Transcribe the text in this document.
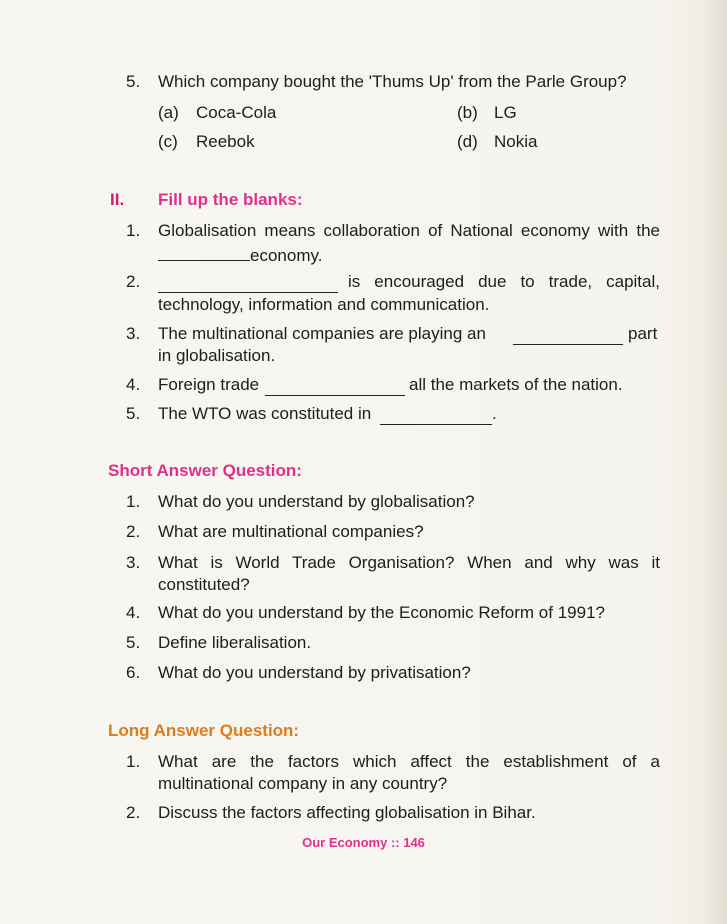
5. Which company bought the 'Thums Up' from the Parle Group?
(a) Coca-Cola	(b) LG
(c) Reebok	(d) Nokia
II. Fill up the blanks:
1. Globalisation means collaboration of National economy with the
economy.
2.	is encouraged due to trade, capital,
technology, information and communication.
3. The multinational companies are playing an	part
in globalisation.
4. Foreign trade	all the markets of the nation.
5. The WTO was constituted in	.
Short Answer Question:
1. What do you understand by globalisation?
2. What are multinational companies?
3. What is World Trade Organisation? When and why was it
constituted?
4. What do you understand by the Economic Reform of 1991?
5. Define liberalisation.
6. What do you understand by privatisation?
Long Answer Question:
1. What are the factors which affect the establishment of a
multinational company in any country?
2. Discuss the factors affecting globalisation in Bihar.
Our Economy :: 146
